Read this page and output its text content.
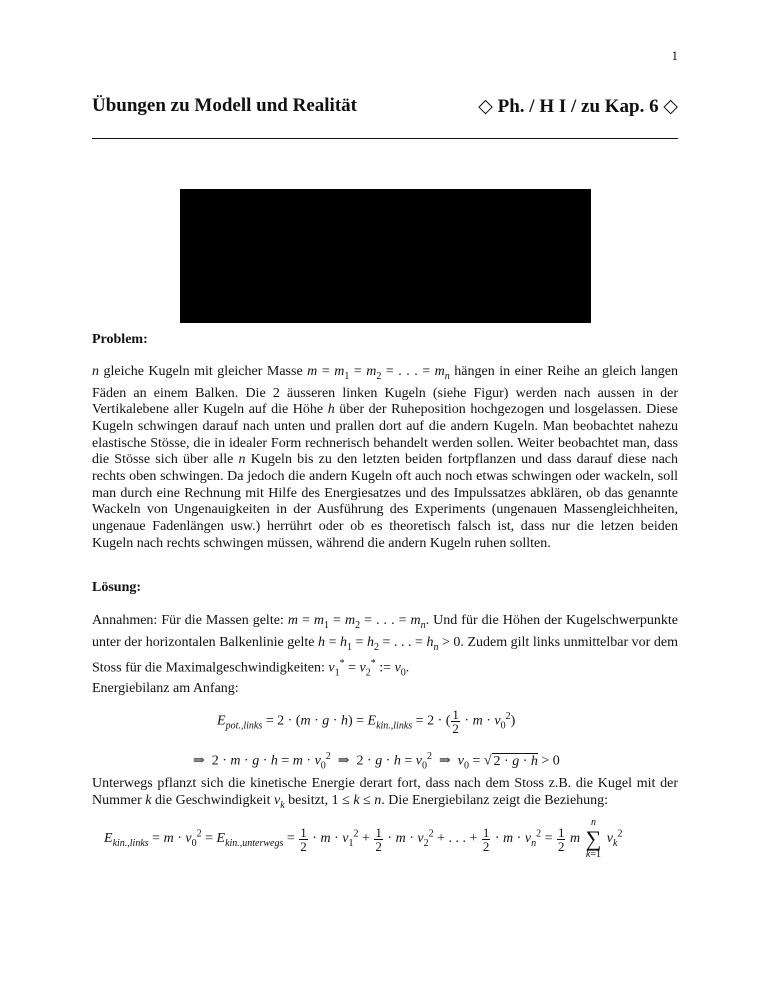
1
Übungen zu Modell und Realität	◇ Ph. / H I / zu Kap. 6 ◇
Problem:
n gleiche Kugeln mit gleicher Masse $m = m_1 = m_2$ = . . . = $m_n$ hängen in einer Reihe an gleich langen Fäden an einem Balken. Die 2 äusseren linken Kugeln (siehe Figur) werden nach aussen in der Vertikalebene aller Kugeln auf die Höhe h über der Ruheposition hochgezogen und losgelassen. Diese Kugeln schwingen darauf nach unten und prallen dort auf die andern Kugeln. Man beobachtet nahezu elastische Stösse, die in idealer Form rechnerisch behandelt werden sollen. Weiter beobachtet man, dass die Stösse sich über alle n Kugeln bis zu den letzten beiden fortpflanzen und dass darauf diese nach rechts oben schwingen. Da jedoch die andern Kugeln oft auch noch etwas schwingen oder wackeln, soll man durch eine Rechnung mit Hilfe des Energiesatzes und des Impulssatzes abklären, ob das genannte Wackeln von Ungenauigkeiten in der Ausführung des Experiments (ungenauen Massengleichheiten, ungenaue Fadenlängen usw.) herrührt oder ob es theoretisch falsch ist, dass nur die letzen beiden Kugeln nach rechts schwingen müssen, während die andern Kugeln ruhen sollten.
Lösung:
Annahmen: Für die Massen gelte: $m = m_1 = m_2$ = . . . = $m_n$. Und für die Höhen der Kugelschwerpunkte unter der horizontalen Balkenlinie gelte $h = h_1 = h_2$ = . . . = $h_n > 0$. Zudem gilt links unmittelbar vor dem Stoss für die Maximalgeschwindigkeiten: $v_1^* = v_2^*$ := $v_0$.
Energiebilanz am Anfang:
$E_{pot.,links} = 2 \cdot (m \cdot g \cdot h) = E_{kin.,links} = 2$ · ( $\frac{1}{2} \cdot m \cdot v_0^2$)
⇒  $2 \cdot m \cdot g \cdot h = m \cdot v_0^2$  ⇒  $2 \cdot g \cdot h = v_0^2$  ⇒  $v_0$ = √ 2 · g · h > 0
Unterwegs pflanzt sich die kinetische Energie derart fort, dass nach dem Stoss z.B. die Kugel mit der Nummer k die Geschwindigkeit $v_k$ besitzt, 1 ≤ k ≤ n. Die Energiebilanz zeigt die Beziehung:
$E_{kin.,links} = m \cdot v_0^2 = E_{kin.,unterwegs} = \frac{1}{2} \cdot m \cdot v_1^2 + \frac{1}{2} \cdot m \cdot v_2^2$ + . . . + $\frac{1}{2} \cdot m \cdot v_n^2 = \frac{1}{2}$ m
n
∑
k=1
$v_k^2$
